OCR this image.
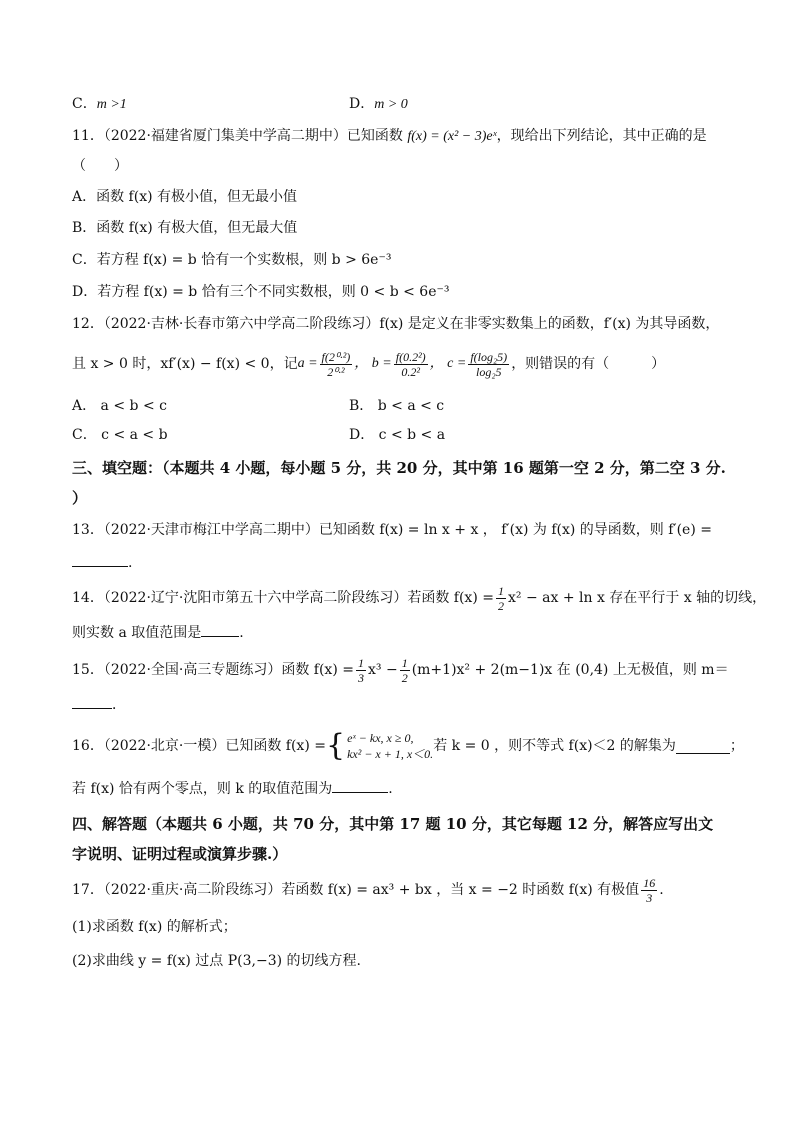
C．m >1	D．m > 0
11．（2022·福建省厦门集美中学高二期中）已知函数 f(x) = (x² − 3)eˣ，现给出下列结论，其中正确的是
（　　）
A．函数 f(x) 有极小值，但无最小值
B．函数 f(x) 有极大值，但无最大值
C．若方程 f(x) = b 恰有一个实数根，则 b > 6e⁻³
D．若方程 f(x) = b 恰有三个不同实数根，则 0 < b < 6e⁻³
12．（2022·吉林·长春市第六中学高二阶段练习）f(x) 是定义在非零实数集上的函数，f′(x) 为其导函数，
且 x > 0 时，xf′(x) − f(x) < 0，记 $a = \frac{\text{f(2⁰·²)}}{\text{2⁰·²}}$ ， $b = \frac{\text{f(0.2²)}}{\text{0.2²}}$ ， $c = \frac{\text{f(log₂5)}}{\text{log₂5}}$ ，则错误的有（　　　）
A． a < b < c	B． b < a < c
C． c < a < b	D． c < b < a
三、填空题：（本题共 4 小题，每小题 5 分，共 20 分，其中第 16 题第一空 2 分，第二空 3 分.
）
13．（2022·天津市梅江中学高二期中）已知函数 f(x) = ln x + x ， f′(x) 为 f(x) 的导函数，则 f′(e) =
.
14．（2022·辽宁·沈阳市第五十六中学高二阶段练习）若函数 $f(x) = \frac{1}{2} x^2$ − ax + ln x 存在平行于 x 轴的切线，
则实数 a 取值范围是	.
15．（2022·全国·高三专题练习）函数 $f(x) = \frac{1}{3} x^3 - \frac{1}{2} (m+1)x^2 + 2(m-1)x$ 在 (0,4) 上无极值，则 m＝
．
16．（2022·北京·一模）已知函数 f(x) = { eˣ − kx, x ≥ 0,
kx² − x + 1, x＜0. 若 k = 0 ，则不等式 f(x)＜2 的解集为	；
若 f(x) 恰有两个零点，则 k 的取值范围为	.
四、解答题（本题共 6 小题，共 70 分，其中第 17 题 10 分，其它每题 12 分，解答应写出文
字说明、证明过程或演算步骤.）
17．（2022·重庆·高二阶段练习）若函数 f(x) = ax³ + bx ，当 x = −2 时函数 f(x) 有极值 $\frac{16}{3}$ .
(1)求函数 f(x) 的解析式；
(2)求曲线 y = f(x) 过点 P(3,−3) 的切线方程.
